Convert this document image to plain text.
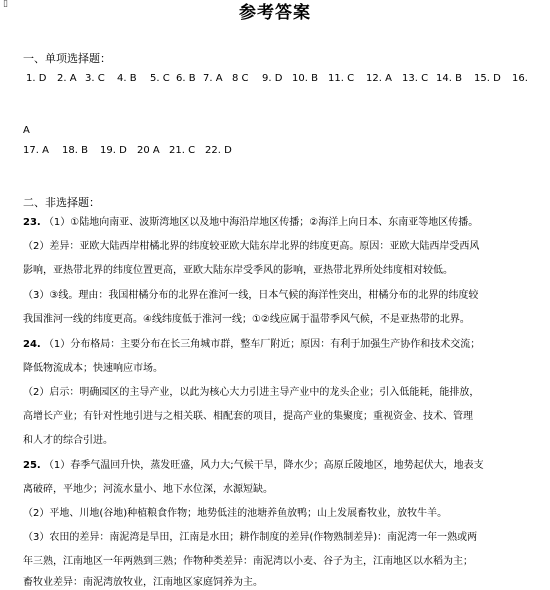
▯	参考答案
一、单项选择题：
1. D 2. A 3. C 4. B 5. C 6. B 7. A 8 C 9. D 10. B 11. C 12. A 13. C 14. B 15. D 16.
A
17. A 18. B 19. D 20 A 21. C 22. D
二、非选择题：
23. （1）①陆地向南亚、波斯湾地区以及地中海沿岸地区传播；②海洋上向日本、东南亚等地区传播。
（2）差异：亚欧大陆西岸柑橘北界的纬度较亚欧大陆东岸北界的纬度更高。原因：亚欧大陆西岸受西风
影响，亚热带北界的纬度位置更高，亚欧大陆东岸受季风的影响，亚热带北界所处纬度相对较低。
（3）③线。理由：我国柑橘分布的北界在淮河一线，日本气候的海洋性突出，柑橘分布的北界的纬度较
我国淮河一线的纬度更高。④线纬度低于淮河一线；①②线应属于温带季风气候，不是亚热带的北界。
24. （1）分布格局：主要分布在长三角城市群，整车厂附近；原因：有利于加强生产协作和技术交流；
降低物流成本；快速响应市场。
（2）启示：明确园区的主导产业，以此为核心大力引进主导产业中的龙头企业；引入低能耗，能排放，
高增长产业；有针对性地引进与之相关联、相配套的项目，提高产业的集聚度；重视资金、技术、管理
和人才的综合引进。
25. （1）春季气温回升快，蒸发旺盛，风力大;气候干旱，降水少；高原丘陵地区，地势起伏大，地表支
离破碎，平地少；河流水量小、地下水位深，水源短缺。
（2）平地、川地(谷地)种植粮食作物；地势低洼的池塘养鱼放鸭；山上发展畜牧业，放牧牛羊。
（3）农田的差异：南泥湾是旱田，江南是水田；耕作制度的差异(作物熟制差异)：南泥湾一年一熟或两
年三熟，江南地区一年两熟到三熟；作物种类差异：南泥湾以小麦、谷子为主，江南地区以水稻为主；
畜牧业差异：南泥湾放牧业，江南地区家庭饲养为主。
